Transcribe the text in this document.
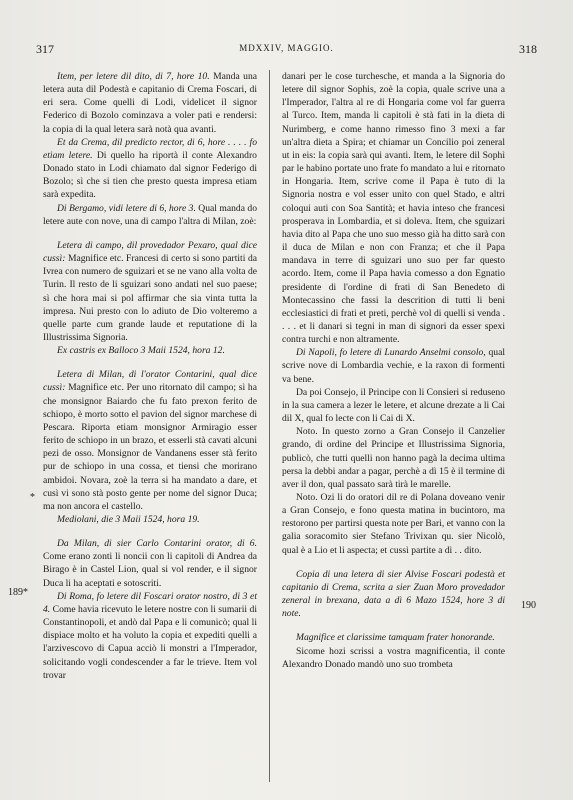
317	MDXXIV, MAGGIO.	318
189*
*
190

Item, per letere dil dito, di 7, hore 10. Manda una letera auta dil Podestà e capitanio di Crema Foscari, di eri sera. Come quelli di Lodi, videlicet il signor Federico di Bozolo cominzava a voler pati e rendersi: la copia di la qual letera sarà notà qua avanti.

Et da Crema, dil predicto rector, di 6, hore . . . . fo etiam letere. Di quello ha riportà il conte Alexandro Donado stato in Lodi chiamato dal signor Federigo di Bozolo; sì che si tien che presto questa impresa etiam sarà expedita.

Di Bergamo, vidi letere di 6, hore 3. Qual manda do letere aute con nove, una di campo l'altra di Milan, zoè:

Letera di campo, dil provedador Pexaro, qual dice cussì: Magnifice etc. Francesi di certo si sono partiti da Ivrea con numero de sguizari et se ne vano alla volta de Turin. Il resto de li sguizari sono andati nel suo paese; sì che hora mai si pol affirmar che sia vinta tutta la impresa. Nui presto con lo adiuto de Dio volteremo a quelle parte cum grande laude et reputatione di la Illustrissima Signoria.

Ex castris ex Balloco 3 Maii 1524, hora 12.

Letera di Milan, di l'orator Contarini, qual dice cussì: Magnifice etc. Per uno ritornato dil campo; sì ha che monsignor Baiardo che fu fato prexon ferito de schiopo, è morto sotto el pavion del signor marchese di Pescara. Riporta etiam monsignor Armiragio esser ferito de schiopo in un brazo, et esserli stà cavati alcuni pezi de osso. Monsignor de Vandanens esser stà ferito pur de schiopo in una cossa, et tiensi che morirano ambidoi. Novara, zoè la terra si ha mandato a dare, et cusì vi sono stà posto gente per nome del signor Duca; ma non ancora el castello.

Mediolani, die 3 Maii 1524, hora 19.

Da Milan, di sier Carlo Contarini orator, di 6. Come erano zonti li noncii con li capitoli di Andrea da Birago è in Castel Lion, qual si vol render, e il signor Duca li ha aceptati e sotoscriti.

Di Roma, fo letere dil Foscari orator nostro, di 3 et 4. Come havia ricevuto le letere nostre con li sumarii di Constantinopoli, et andò dal Papa e li comunicò; qual li dispiace molto et ha voluto la copia et expediti quelli a l'arzivescovo di Capua acciò li monstri a l'Imperador, solicitando vogli condescender a far le trieve. Item vol trovar

danari per le cose turchesche, et manda a la Signoria do letere dil signor Sophis, zoè la copia, quale scrive una a l'Imperador, l'altra al re di Hongaria come vol far guerra al Turco. Item, manda li capitoli è stà fati in la dieta di Nurimberg, e come hanno rimesso fino 3 mexi a far un'altra dieta a Spira; et chiamar un Concilio poi zeneral ut in eis: la copia sarà qui avanti. Item, le letere dil Sophì par le habino portate uno frate fo mandato a lui e ritornato in Hongaria. Item, scrive come il Papa è tuto di la Signoria nostra e vol esser unito con quel Stado, e altri coloqui auti con Soa Santità; et havia inteso che francesi prosperava in Lombardia, et si doleva. Item, che sguizari havia dito al Papa che uno suo messo già ha ditto sarà con il duca de Milan e non con Franza; et che il Papa mandava in terre di sguizari uno suo per far questo acordo. Item, come il Papa havia comesso a don Egnatio presidente di l'ordine di frati di San Benedeto di Montecassino che fassi la descrition di tutti li beni ecclesiastici di frati et preti, perchè vol di quelli si venda . . . . et li danari si tegni in man di signori da esser spexi contra turchi e non altramente.

Di Napoli, fo letere di Lunardo Anselmi consolo, qual scrive nove di Lombardia vechie, e la raxon di formenti va bene.

Da poi Consejo, il Principe con li Consieri si reduseno in la sua camera a lezer le letere, et alcune drezate a li Cai dil X, qual fo lecte con li Cai di X.

Noto. In questo zorno a Gran Consejo il Canzelier grando, di ordine del Principe et Illustrissima Signoria, publicò, che tutti quelli non hanno pagà la decima ultima persa la debbi andar a pagar, perchè a dì 15 è il termine di aver il don, qual passato sarà tirà le marelle.

Noto. Ozi li do oratori dil re di Polana doveano venir a Gran Consejo, e fono questa matina in bucintoro, ma restorono per partirsi questa note per Bari, et vanno con la galia soracomito sier Stefano Trivixan qu. sier Nicolò, qual è a Lio et li aspecta; et cussì partite a dì . . dito.

Copia di una letera di sier Alvise Foscari podestà et capitanio di Crema, scrita a sier Zuan Moro provedador zeneral in brexana, data a dì 6 Mazo 1524, hore 3 di note.

Magnifice et clarissime tamquam frater honorande.

Sicome hozi scrissi a vostra magnificentia, il conte Alexandro Donado mandò uno suo trombeta
